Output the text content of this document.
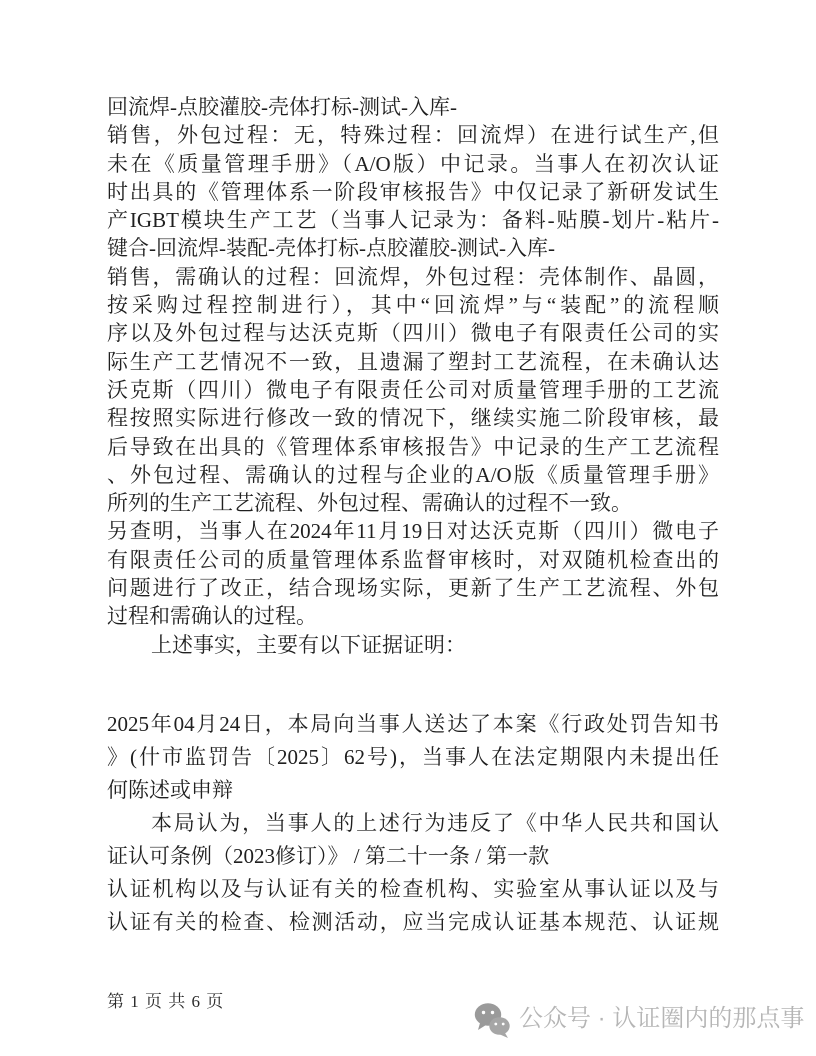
回流焊-点胶灌胶-壳体打标-测试-入库-
销售，外包过程：无，特殊过程：回流焊）在进行试生产,但
未在《质量管理手册》（A/O版）中记录。当事人在初次认证
时出具的《管理体系一阶段审核报告》中仅记录了新研发试生
产IGBT模块生产工艺（当事人记录为：备料-贴膜-划片-粘片-
键合-回流焊-装配-壳体打标-点胶灌胶-测试-入库-
销售，需确认的过程：回流焊，外包过程：壳体制作、晶圆，
按采购过程控制进行），其中“回流焊”与“装配”的流程顺
序以及外包过程与达沃克斯（四川）微电子有限责任公司的实
际生产工艺情况不一致，且遗漏了塑封工艺流程，在未确认达
沃克斯（四川）微电子有限责任公司对质量管理手册的工艺流
程按照实际进行修改一致的情况下，继续实施二阶段审核，最
后导致在出具的《管理体系审核报告》中记录的生产工艺流程
、外包过程、需确认的过程与企业的A/O版《质量管理手册》
所列的生产工艺流程、外包过程、需确认的过程不一致。
另查明，当事人在2024年11月19日对达沃克斯（四川）微电子
有限责任公司的质量管理体系监督审核时，对双随机检查出的
问题进行了改正，结合现场实际，更新了生产工艺流程、外包
过程和需确认的过程。
上述事实，主要有以下证据证明：
2025年04月24日，本局向当事人送达了本案《行政处罚告知书
》(什市监罚告〔2025〕62号)，当事人在法定期限内未提出任
何陈述或申辩
本局认为，当事人的上述行为违反了《中华人民共和国认
证认可条例（2023修订）》 / 第二十一条 / 第一款
认证机构以及与认证有关的检查机构、实验室从事认证以及与
认证有关的检查、检测活动，应当完成认证基本规范、认证规
第 1 页 共 6 页
公众号 · 认证圈内的那点事
